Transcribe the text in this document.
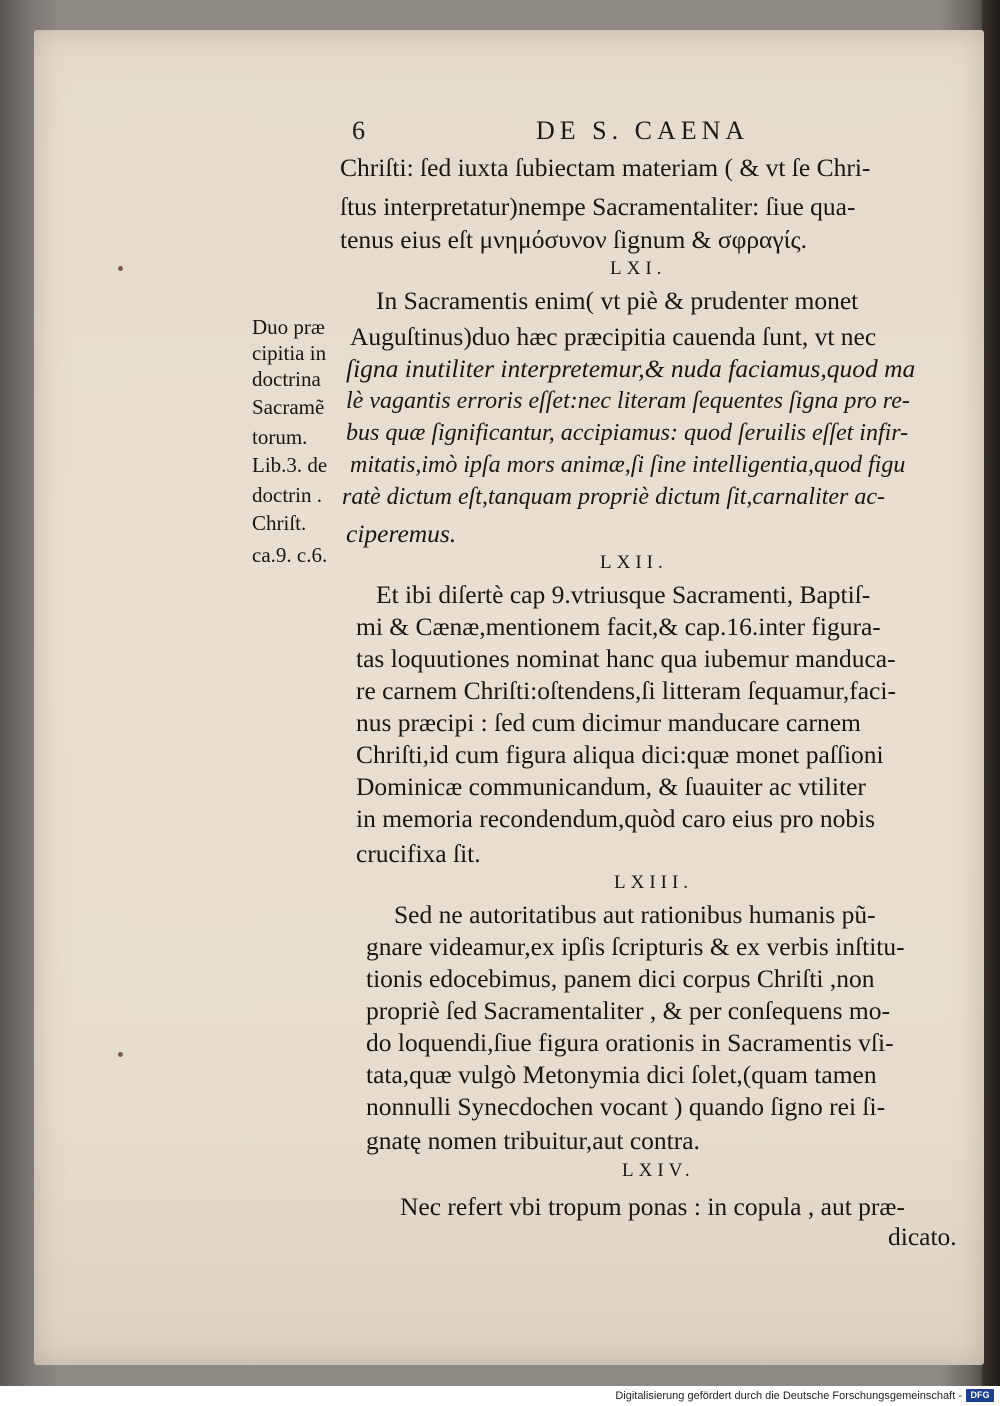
6	DE S. CAENA
Chriſti: ſed iuxta ſubiectam materiam ( & vt ſe Chri-
ſtus interpretatur)nempe Sacramentaliter: ſiue qua-
tenus eius eſt μνημόσυνον ſignum & σφραγίς.
LXI.
In Sacramentis enim( vt piè & prudenter monet
Auguſtinus)duo hæc præcipitia cauenda ſunt, vt nec
ſigna inutiliter interpretemur,& nuda faciamus,quod ma
lè vagantis erroris eſſet:nec literam ſequentes ſigna pro re-
bus quæ ſignificantur, accipiamus: quod ſeruilis eſſet infir-
mitatis,imò ipſa mors animæ,ſi ſine intelligentia,quod figu
ratè dictum eſt,tanquam propriè dictum ſit,carnaliter ac-
ciperemus.
LXII.
Et ibi diſertè cap 9.vtriusque Sacramenti, Baptiſ-
mi & Cænæ,mentionem facit,& cap.16.inter figura-
tas loquutiones nominat hanc qua iubemur manduca-
re carnem Chriſti:oſtendens,ſi litteram ſequamur,faci-
nus præcipi : ſed cum dicimur manducare carnem
Chriſti,id cum figura aliqua dici:quæ monet paſſioni
Dominicæ communicandum, & ſuauiter ac vtiliter
in memoria recondendum,quòd caro eius pro nobis
crucifixa ſit.
LXIII.
Sed ne autoritatibus aut rationibus humanis pũ-
gnare videamur,ex ipſis ſcripturis & ex verbis inſtitu-
tionis edocebimus, panem dici corpus Chriſti ,non
propriè ſed Sacramentaliter , & per conſequens mo-
do loquendi,ſiue figura orationis in Sacramentis vſi-
tata,quæ vulgò Metonymia dici ſolet,(quam tamen
nonnulli Synecdochen vocant ) quando ſigno rei ſi-
gnatę nomen tribuitur,aut contra.
LXIV.
Nec refert vbi tropum ponas : in copula , aut præ-
dicato.
Duo præ
cipitia in
doctrina
Sacramẽ
torum.
Lib.3. de
doctrin .
Chriſt.
ca.9. c.6.
Digitalisierung gefördert durch die Deutsche Forschungsgemeinschaft - DFG
